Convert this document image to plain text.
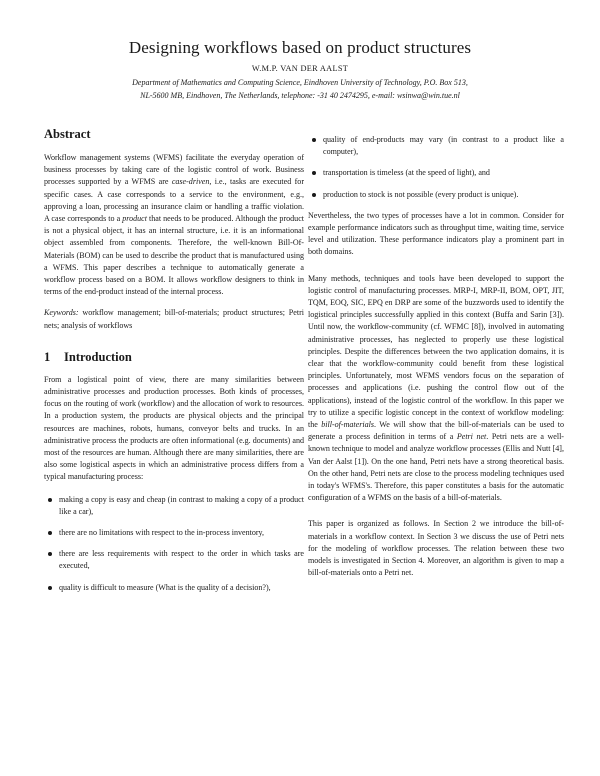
Designing workflows based on product structures
W.M.P. VAN DER AALST
Department of Mathematics and Computing Science, Eindhoven University of Technology, P.O. Box 513,
NL-5600 MB, Eindhoven, The Netherlands, telephone: -31 40 2474295, e-mail: wsinwa@win.tue.nl
Abstract

Workflow management systems (WFMS) facilitate the everyday operation of business processes by taking care of the logistic control of work. Business processes supported by a WFMS are case-driven, i.e., tasks are executed for specific cases. A case corresponds to a service to the environment, e.g., approving a loan, processing an insurance claim or handling a traffic violation. A case corresponds to a product that needs to be produced. Although the product is not a physical object, it has an internal structure, i.e. it is an informational object assembled from components. Therefore, the well-known Bill-Of-Materials (BOM) can be used to describe the product that is manufactured using a WFMS. This paper describes a technique to automatically generate a workflow process based on a BOM. It allows workflow designers to think in terms of the end-product instead of the internal process.

Keywords: workflow management; bill-of-materials; product structures; Petri nets; analysis of workflows

1 Introduction

From a logistical point of view, there are many similarities between administrative processes and production processes. Both kinds of processes, focus on the routing of work (workflow) and the allocation of work to resources. In a production system, the products are physical objects and the principal resources are machines, robots, humans, conveyor belts and trucks. In an administrative process the products are often informational (e.g. documents) and most of the resources are human. Although there are many similarities, there are also some logistical aspects in which an administrative process differs from a typical manufacturing process:

making a copy is easy and cheap (in contrast to making a copy of a product like a car),
there are no limitations with respect to the in-process inventory,
there are less requirements with respect to the order in which tasks are executed,
quality is difficult to measure (What is the quality of a decision?),
quality of end-products may vary (in contrast to a product like a computer),
transportation is timeless (at the speed of light), and
production to stock is not possible (every product is unique).

Nevertheless, the two types of processes have a lot in common. Consider for example performance indicators such as throughput time, waiting time, service level and utilization. These performance indicators play a prominent part in both domains.

Many methods, techniques and tools have been developed to support the logistic control of manufacturing processes. MRP-I, MRP-II, BOM, OPT, JIT, TQM, EOQ, SIC, EPQ en DRP are some of the buzzwords used to identify the logistical principles successfully applied in this context (Buffa and Sarin [3]). Until now, the workflow-community (cf. WFMC [8]), involved in automating administrative processes, has neglected to properly use these logistical principles. Despite the differences between the two application domains, it is clear that the workflow-community could benefit from these logistical principles. Unfortunately, most WFMS vendors focus on the separation of processes and applications (i.e. pushing the control flow out of the applications), instead of the logistic control of the workflow. In this paper we try to utilize a specific logistic concept in the context of workflow modeling: the bill-of-materials. We will show that the bill-of-materials can be used to generate a process definition in terms of a Petri net. Petri nets are a well-known technique to model and analyze workflow processes (Ellis and Nutt [4], Van der Aalst [1]). On the one hand, Petri nets have a strong theoretical basis. On the other hand, Petri nets are close to the process modeling techniques used in today's WFMS's. Therefore, this paper constitutes a basis for the automatic configuration of a WFMS on the basis of a bill-of-materials.

This paper is organized as follows. In Section 2 we introduce the bill-of-materials in a workflow context. In Section 3 we discuss the use of Petri nets for the modeling of workflow processes. The relation between these two models is investigated in Section 4. Moreover, an algorithm is given to map a bill-of-materials onto a Petri net.
